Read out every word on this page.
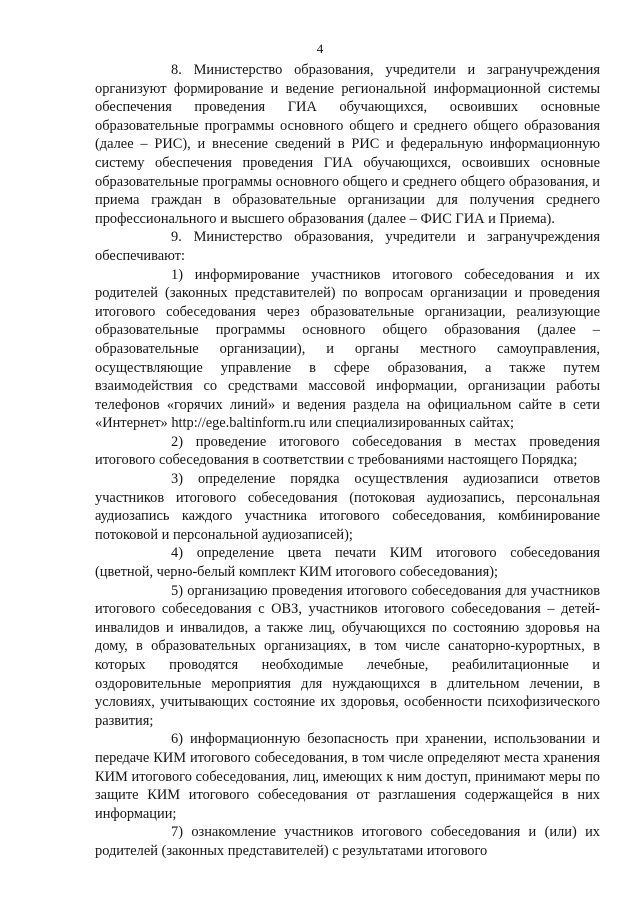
4

8. Министерство образования, учредители и загранучреждения организуют формирование и ведение региональной информационной системы обеспечения проведения ГИА обучающихся, освоивших основные образовательные программы основного общего и среднего общего образования (далее – РИС), и внесение сведений в РИС и федеральную информационную систему обеспечения проведения ГИА обучающихся, освоивших основные образовательные программы основного общего и среднего общего образования, и приема граждан в образовательные организации для получения среднего профессионального и высшего образования (далее – ФИС ГИА и Приема).

9. Министерство образования, учредители и загранучреждения обеспечивают:

1) информирование участников итогового собеседования и их родителей (законных представителей) по вопросам организации и проведения итогового собеседования через образовательные организации, реализующие образовательные программы основного общего образования (далее – образовательные организации), и органы местного самоуправления, осуществляющие управление в сфере образования, а также путем взаимодействия со средствами массовой информации, организации работы телефонов «горячих линий» и ведения раздела на официальном сайте в сети «Интернет» http://ege.baltinform.ru или специализированных сайтах;

2) проведение итогового собеседования в местах проведения итогового собеседования в соответствии с требованиями настоящего Порядка;

3) определение порядка осуществления аудиозаписи ответов участников итогового собеседования (потоковая аудиозапись, персональная аудиозапись каждого участника итогового собеседования, комбинирование потоковой и персональной аудиозаписей);

4) определение цвета печати КИМ итогового собеседования (цветной, черно-белый комплект КИМ итогового собеседования);

5) организацию проведения итогового собеседования для участников итогового собеседования с ОВЗ, участников итогового собеседования – детей-инвалидов и инвалидов, а также лиц, обучающихся по состоянию здоровья на дому, в образовательных организациях, в том числе санаторно-курортных, в которых проводятся необходимые лечебные, реабилитационные и оздоровительные мероприятия для нуждающихся в длительном лечении, в условиях, учитывающих состояние их здоровья, особенности психофизического развития;

6) информационную безопасность при хранении, использовании и передаче КИМ итогового собеседования, в том числе определяют места хранения КИМ итогового собеседования, лиц, имеющих к ним доступ, принимают меры по защите КИМ итогового собеседования от разглашения содержащейся в них информации;

7) ознакомление участников итогового собеседования и (или) их родителей (законных представителей) с результатами итогового
